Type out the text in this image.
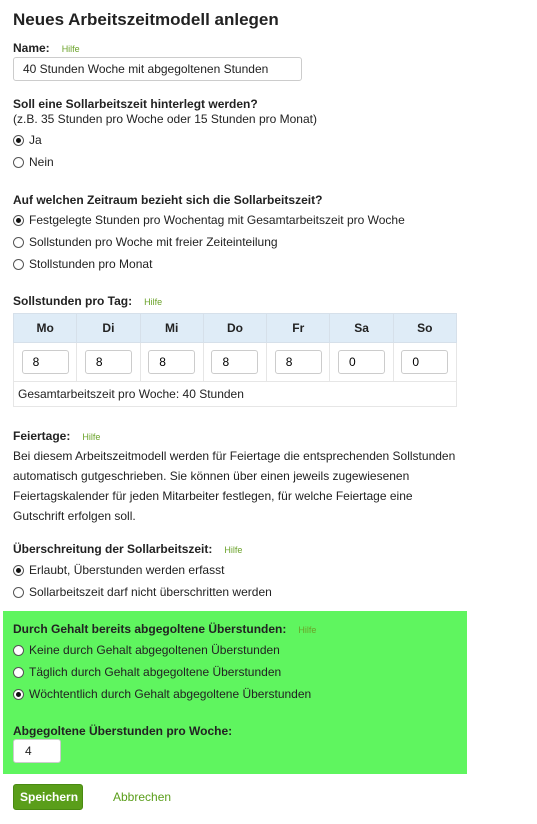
Neues Arbeitszeitmodell anlegen
Name: Hilfe
40 Stunden Woche mit abgegoltenen Stunden
Soll eine Sollarbeitszeit hinterlegt werden?
(z.B. 35 Stunden pro Woche oder 15 Stunden pro Monat)
Ja
Nein
Auf welchen Zeitraum bezieht sich die Sollarbeitszeit?
Festgelegte Stunden pro Wochentag mit Gesamtarbeitszeit pro Woche
Sollstunden pro Woche mit freier Zeiteinteilung
Stollstunden pro Monat
Sollstunden pro Tag: Hilfe
Mo	Di	Mi	Do	Fr	Sa	So
8	8	8	8	8	0	0
Gesamtarbeitszeit pro Woche: 40 Stunden						
Feiertage: Hilfe
Bei diesem Arbeitszeitmodell werden für Feiertage die entsprechenden Sollstunden
automatisch gutgeschrieben. Sie können über einen jeweils zugewiesenen
Feiertagskalender für jeden Mitarbeiter festlegen, für welche Feiertage eine
Gutschrift erfolgen soll.
Überschreitung der Sollarbeitszeit: Hilfe
Erlaubt, Überstunden werden erfasst
Sollarbeitszeit darf nicht überschritten werden
Durch Gehalt bereits abgegoltene Überstunden: Hilfe
Keine durch Gehalt abgegoltenen Überstunden
Täglich durch Gehalt abgegoltene Überstunden
Wöchtentlich durch Gehalt abgegoltene Überstunden
Abgegoltene Überstunden pro Woche:
4
Speichern	Abbrechen
